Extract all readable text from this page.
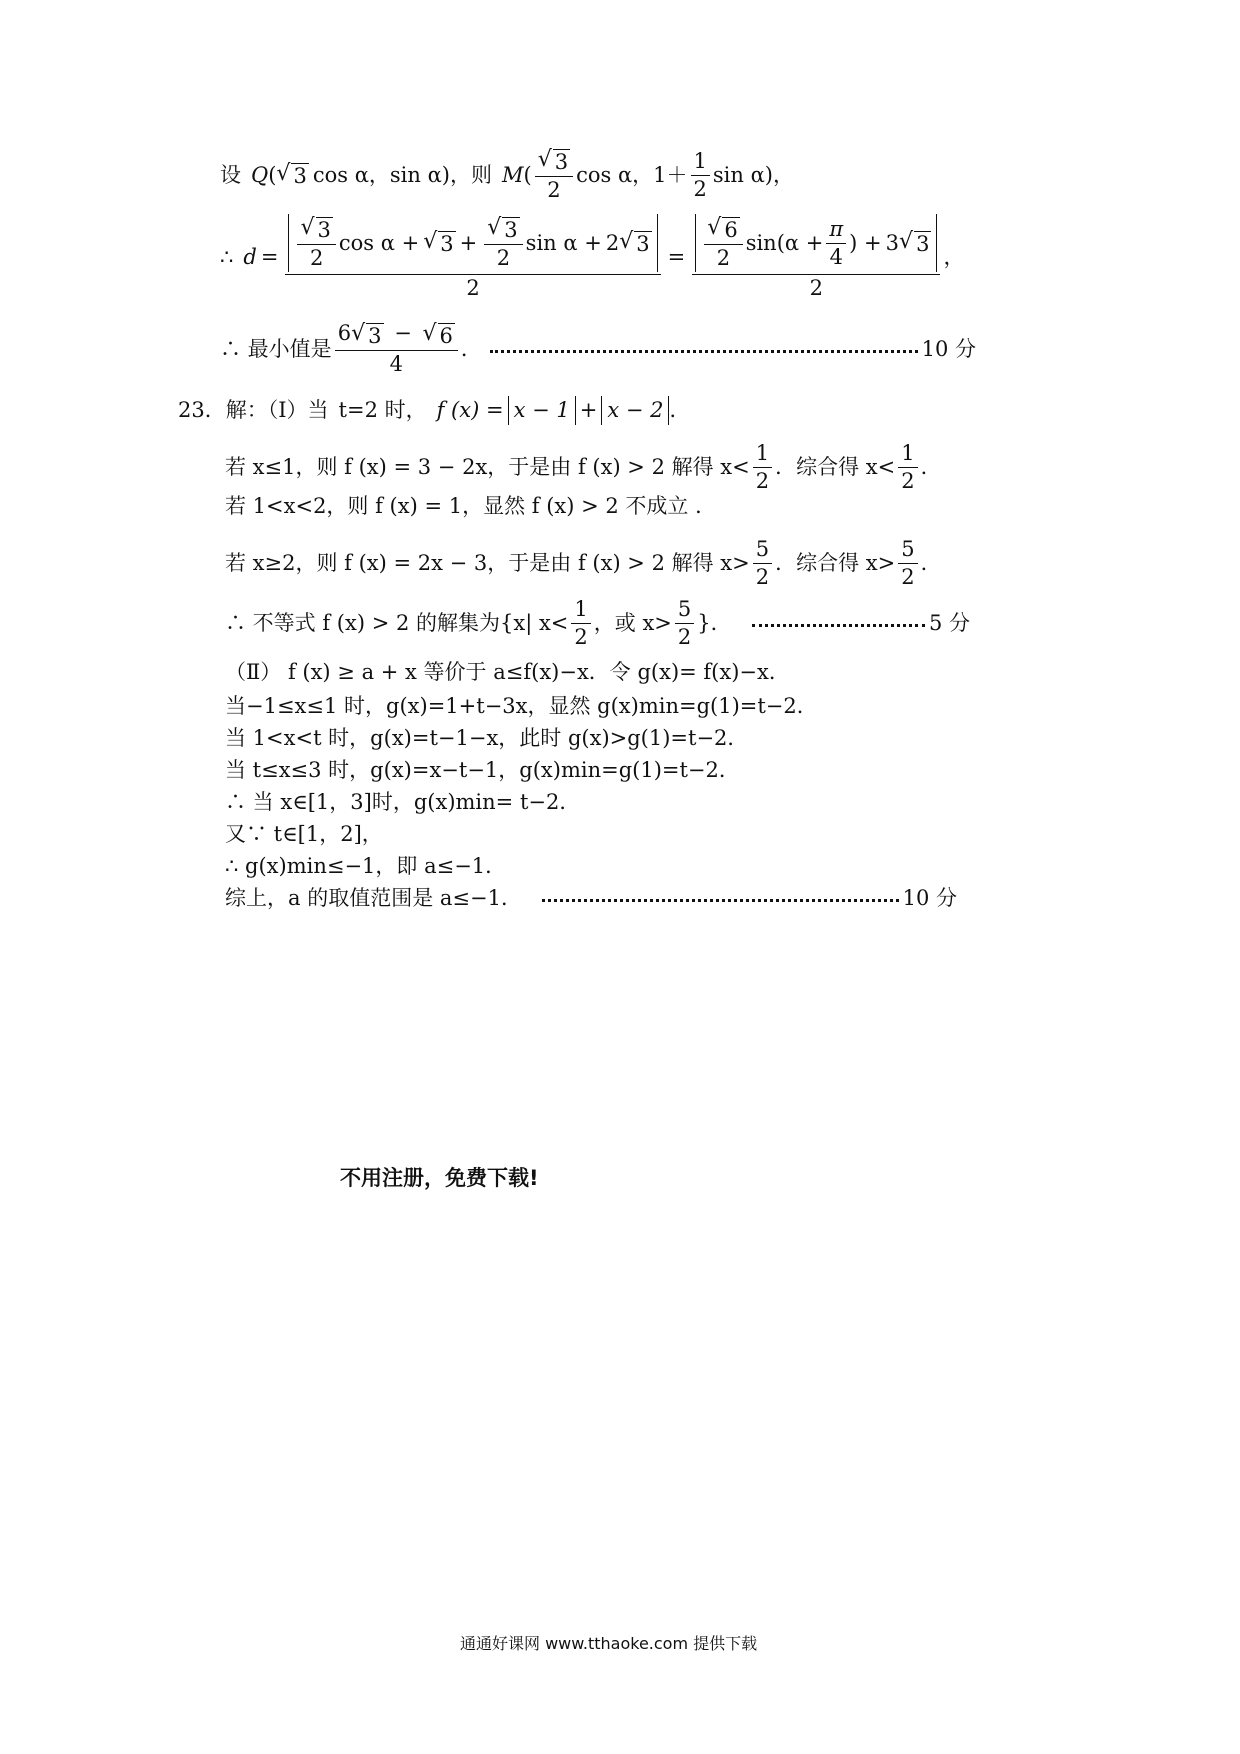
设 Q ( √ 3 cos α，sin α)，则 M ( $\frac{√ 3}{2}$ cos α，$1+ \frac{1}{2}$ sin α)，
∴ $d = \frac{√ 3}{2}$ cos α + √ $3 + \frac{√ 3}{2}$ sin α + 2 √ 3
2
= $\frac{√ 6}{2} \sin(\alpha + \frac{\pi}{4}$ ) + 3 √ 3
2
，
∴ 最小值是 $\frac{6 √ 3 - √ 6}{4}$ ．	10 分
23． 解：（Ⅰ）当 t=2 时， f (x) = x − 1 + x − 2 ．
若 x≤1，则 f (x) = 3 − 2x，于是由 f (x) > 2 解得 $x< \frac{1}{2}$ ．综合得 $x< \frac{1}{2}$ ．
若 1<x<2，则 f (x) = 1，显然 f (x) > 2 不成立 ．
若 x≥2，则 f (x) = 2x − 3，于是由 f (x) > 2 解得 $x> \frac{5}{2}$ ．综合得 $x> \frac{5}{2}$ ．
∴ 不等式 f (x) > 2 的解集为{x| $x< \frac{1}{2}$ ，或 $x> \frac{5}{2}$ }．	5 分
（Ⅱ） f (x) ≥ a + x 等价于 a≤f(x)−x．令 g(x)= f(x)−x．
当−1≤x≤1 时，g(x)=1+t−3x，显然 g(x)min=g(1)=t−2．
当 1<x<t 时，g(x)=t−1−x，此时 g(x)>g(1)=t−2．
当 t≤x≤3 时，g(x)=x−t−1，g(x)min=g(1)=t−2．
∴ 当 x∈[1，3]时，g(x)min= t−2．
又∵ t∈[1，2]，
∴ g(x)min≤−1，即 a≤−1．
综上，a 的取值范围是 a≤−1．	10 分
不用注册，免费下载!
通通好课网 www.tthaoke.com 提供下载
